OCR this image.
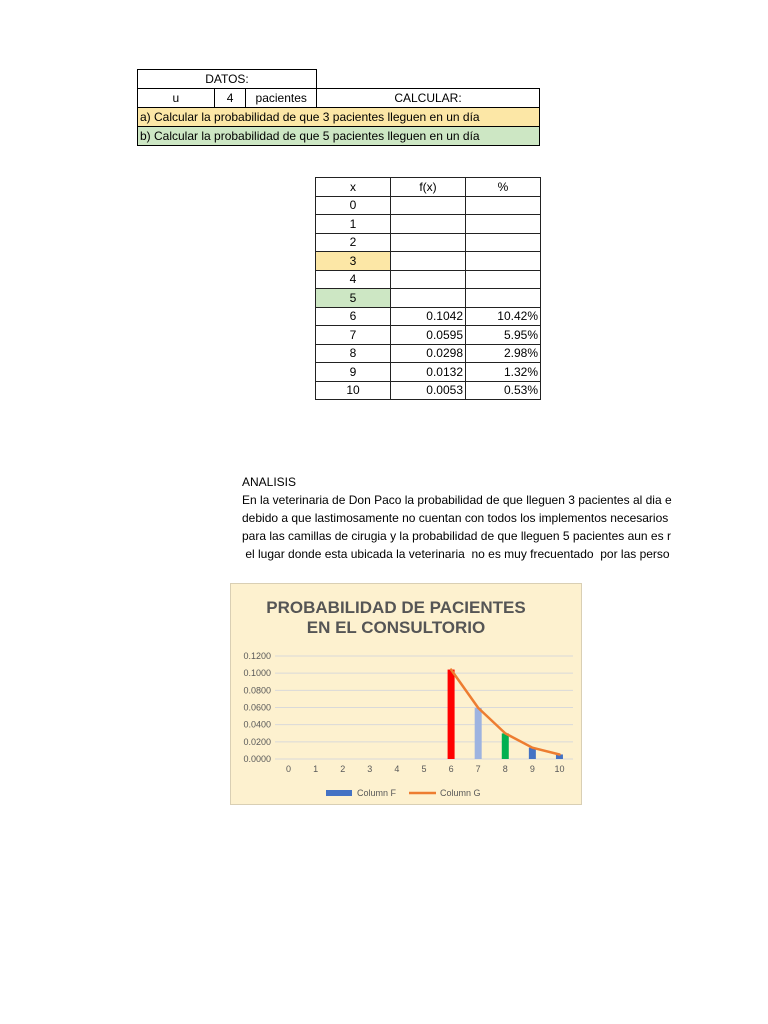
DATOS:			
u	4	pacientes	CALCULAR:
a) Calcular la probabilidad de que 3 pacientes lleguen en un día			
b) Calcular la probabilidad de que 5 pacientes lleguen en un día			
x	f(x)	%
0		
1		
2		
3		
4		
5		
6	0.1042	10.42%
7	0.0595	5.95%
8	0.0298	2.98%
9	0.0132	1.32%
10	0.0053	0.53%
ANALISIS
En la veterinaria de Don Paco la probabilidad de que lleguen 3 pacientes al dia e
debido a que lastimosamente no cuentan con todos los implementos necesarios
para las camillas de cirugia y la probabilidad de que lleguen 5 pacientes aun es r
el lugar donde esta ubicada la veterinaria  no es muy frecuentado  por las perso
PROBABILIDAD DE PACIENTES
EN EL CONSULTORIO
0.0000
0.0200
0.0400
0.0600
0.0800
0.1000
0.1200
0 1 2 3 4 5 6 7 8 9 10
Column F	Column G
